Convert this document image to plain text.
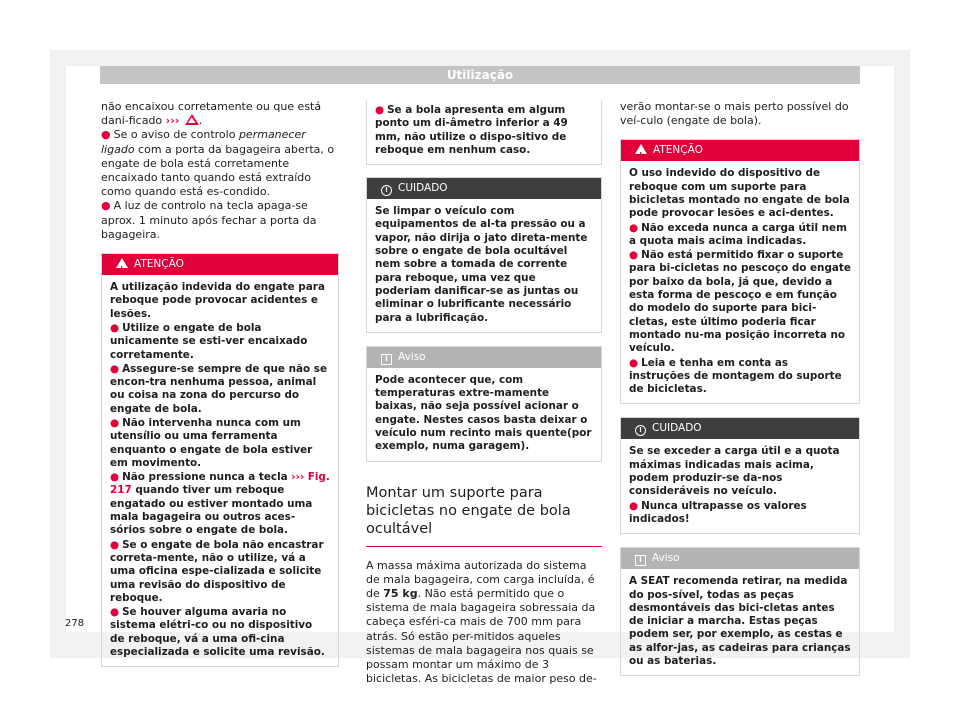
Utilização

não encaixou corretamente ou que está dani-ficado ››› .

● Se o aviso de controlo permanecer ligado com a porta da bagageira aberta, o engate de bola está corretamente encaixado tanto quando está extraído como quando está es-condido.

● A luz de controlo na tecla apaga-se aprox. 1 minuto após fechar a porta da bagageira.

!ATENÇÃO

A utilização indevida do engate para reboque pode provocar acidentes e lesões.

● Utilize o engate de bola unicamente se esti-ver encaixado corretamente.

● Assegure-se sempre de que não se encon-tra nenhuma pessoa, animal ou coisa na zona do percurso do engate de bola.

● Não intervenha nunca com um utensílio ou uma ferramenta enquanto o engate de bola estiver em movimento.

● Não pressione nunca a tecla ››› Fig. 217 quando tiver um reboque engatado ou estiver montado uma mala bagageira ou outros aces-sórios sobre o engate de bola.

● Se o engate de bola não encastrar correta-mente, não o utilize, vá a uma oficina espe-cializada e solicite uma revisão do dispositivo de reboque.

● Se houver alguma avaria no sistema elétri-co ou no dispositivo de reboque, vá a uma ofi-cina especializada e solicite uma revisão.

● Se a bola apresenta em algum ponto um di-âmetro inferior a 49 mm, não utilize o dispo-sitivo de reboque em nenhum caso.

! CUIDADO

Se limpar o veículo com equipamentos de al-ta pressão ou a vapor, não dirija o jato direta-mente sobre o engate de bola ocultável nem sobre a tomada de corrente para reboque, uma vez que poderiam danificar-se as juntas ou eliminar o lubrificante necessário para a lubrificação.

i Aviso

Pode acontecer que, com temperaturas extre-mamente baixas, não seja possível acionar o engate. Nestes casos basta deixar o veículo num recinto mais quente(por exemplo, numa garagem).

Montar um suporte para bicicletas no engate de bola ocultável

A massa máxima autorizada do sistema de mala bagageira, com carga incluída, é de 75 kg. Não está permitido que o sistema de mala bagageira sobressaia da cabeça esféri-ca mais de 700 mm para atrás. Só estão per-mitidos aqueles sistemas de mala bagageira nos quais se possam montar um máximo de 3 bicicletas. As bicicletas de maior peso de-

verão montar-se o mais perto possível do veí-culo (engate de bola).

!ATENÇÃO

O uso indevido do dispositivo de reboque com um suporte para bicicletas montado no engate de bola pode provocar lesões e aci-dentes.

● Não exceda nunca a carga útil nem a quota mais acima indicadas.

● Não está permitido fixar o suporte para bi-cicletas no pescoço do engate por baixo da bola, já que, devido a esta forma de pescoço e em função do modelo do suporte para bici-cletas, este último poderia ficar montado nu-ma posição incorreta no veículo.

● Leia e tenha em conta as instruções de montagem do suporte de bicicletas.

! CUIDADO

Se se exceder a carga útil e a quota máximas indicadas mais acima, podem produzir-se da-nos consideráveis no veículo.

● Nunca ultrapasse os valores indicados!

i Aviso

A SEAT recomenda retirar, na medida do pos-sível, todas as peças desmontáveis das bici-cletas antes de iniciar a marcha. Estas peças podem ser, por exemplo, as cestas e as alfor-jas, as cadeiras para crianças ou as baterias.

278
